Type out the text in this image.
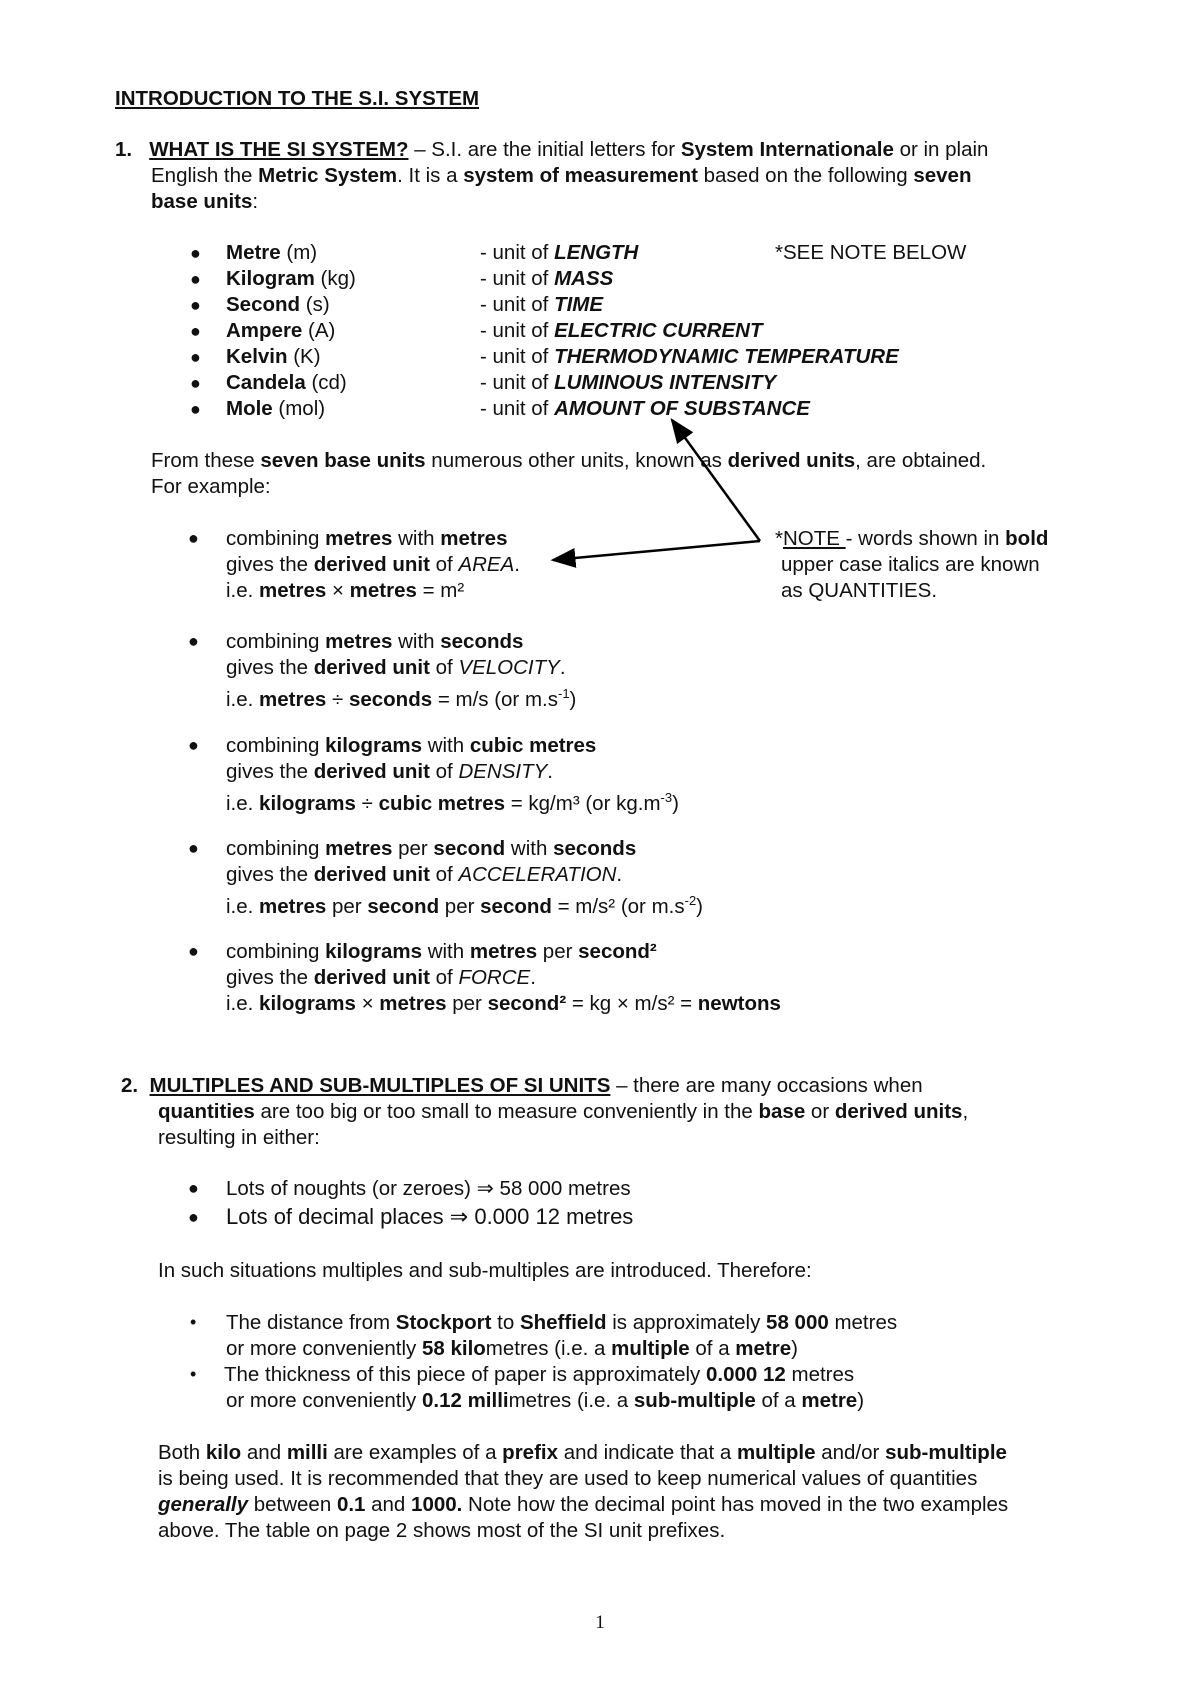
INTRODUCTION TO THE S.I. SYSTEM
1. WHAT IS THE SI SYSTEM? – S.I. are the initial letters for System Internationale or in plain
English the Metric System. It is a system of measurement based on the following seven
base units:
● Metre (m)	- unit of LENGTH	*SEE NOTE BELOW
● Kilogram (kg)	- unit of MASS
● Second (s)	- unit of TIME
● Ampere (A)	- unit of ELECTRIC CURRENT
● Kelvin (K)	- unit of THERMODYNAMIC TEMPERATURE
● Candela (cd)	- unit of LUMINOUS INTENSITY
● Mole (mol)	- unit of AMOUNT OF SUBSTANCE
From these seven base units numerous other units, known as derived units, are obtained.
For example:
*NOTE - words shown in bold
upper case italics are known
as QUANTITIES.
● combining metres with metres
gives the derived unit of AREA.
i.e. metres × metres = m²
● combining metres with seconds
gives the derived unit of VELOCITY.
i.e. metres ÷ seconds = m/s (or $m.s^{-1}$)
● combining kilograms with cubic metres
gives the derived unit of DENSITY.
i.e. kilograms ÷ cubic metres = kg/m³ (or $kg.m^{-3}$)
● combining metres per second with seconds
gives the derived unit of ACCELERATION.
i.e. metres per second per second = m/s² (or $m.s^{-2}$)
● combining kilograms with metres per second²
gives the derived unit of FORCE.
i.e. kilograms × metres per second² = kg × m/s² = newtons
2. MULTIPLES AND SUB-MULTIPLES OF SI UNITS – there are many occasions when
quantities are too big or too small to measure conveniently in the base or derived units,
resulting in either:
● Lots of noughts (or zeroes) ⇒ 58 000 metres
● Lots of decimal places ⇒ 0.000 12 metres
In such situations multiples and sub-multiples are introduced. Therefore:
• The distance from Stockport to Sheffield is approximately 58 000 metres
or more conveniently 58 kilometres (i.e. a multiple of a metre)
• The thickness of this piece of paper is approximately 0.000 12 metres
or more conveniently 0.12 millimetres (i.e. a sub-multiple of a metre)
Both kilo and milli are examples of a prefix and indicate that a multiple and/or sub-multiple
is being used. It is recommended that they are used to keep numerical values of quantities
generally between 0.1 and 1000. Note how the decimal point has moved in the two examples
above. The table on page 2 shows most of the SI unit prefixes.
1
